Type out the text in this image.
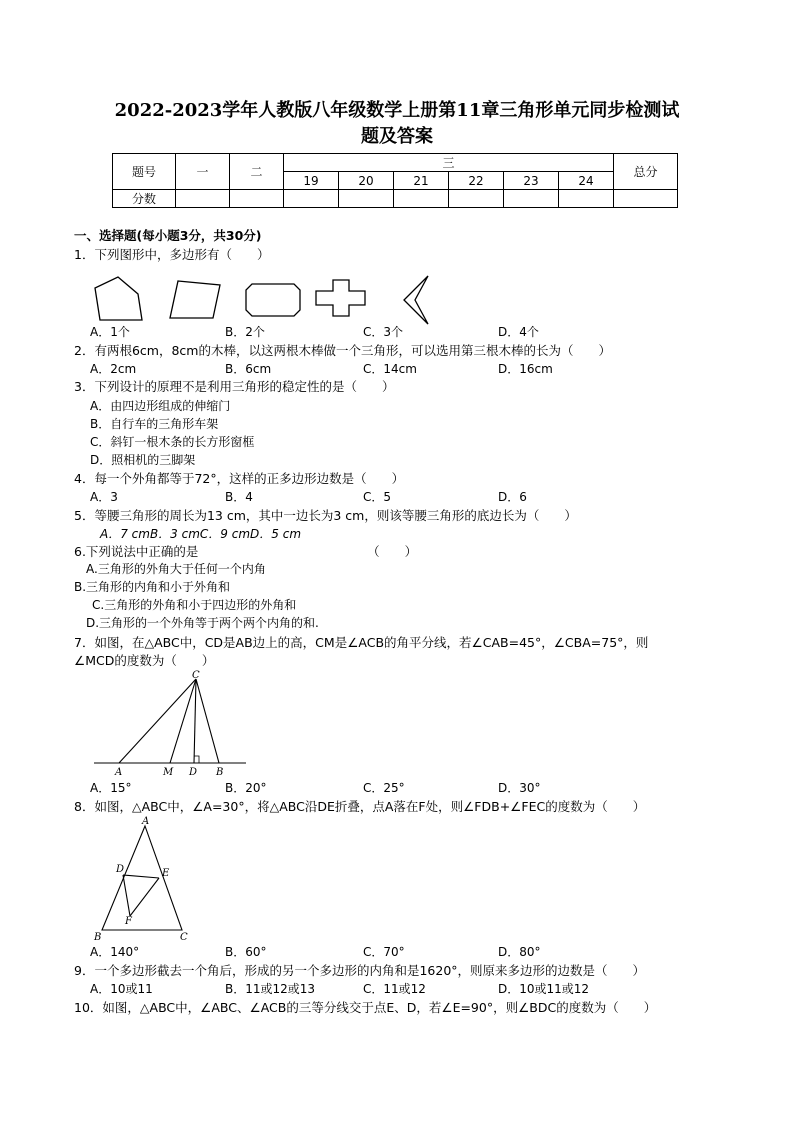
2022-2023学年人教版八年级数学上册第11章三角形单元同步检测试
题及答案
题号	一	二	三						总分
			19	20	21	22	23	24	
分数									
一、选择题(每小题3分，共30分)
1．下列图形中，多边形有（　　）
A．1个	B．2个	C．3个	D．4个
2．有两根6cm，8cm的木棒，以这两根木棒做一个三角形，可以选用第三根木棒的长为（　　）
A．2cm	B．6cm	C．14cm	D．16cm
3．下列设计的原理不是利用三角形的稳定性的是（　　）
A．由四边形组成的伸缩门
B．自行车的三角形车架
C．斜钉一根木条的长方形窗框
D．照相机的三脚架
4．每一个外角都等于72°，这样的正多边形边数是（　　）
A．3	B．4	C．5	D．6
5．等腰三角形的周长为13 cm，其中一边长为3 cm，则该等腰三角形的底边长为（　　）
A．7 cmB．3 cmC．9 cmD．5 cm
6.下列说法中正确的是　　　　　　　　　　　　　　（　　）
A.三角形的外角大于任何一个内角
B.三角形的内角和小于外角和
C.三角形的外角和小于四边形的外角和
D.三角形的一个外角等于两个两个内角的和.
7．如图，在△ABC中，CD是AB边上的高，CM是∠ACB的角平分线，若∠CAB=45°，∠CBA=75°，则
∠MCD的度数为（　　）
C
A	M D B
A．15°	B．20°	C．25°	D．30°
8．如图，△ABC中，∠A=30°，将△ABC沿DE折叠，点A落在F处，则∠FDB+∠FEC的度数为（　　）
A
D	E
F
B	C
A．140°	B．60°	C．70°	D．80°
9．一个多边形截去一个角后，形成的另一个多边形的内角和是1620°，则原来多边形的边数是（　　）
A．10或11	B．11或12或13	C．11或12	D．10或11或12
10．如图，△ABC中，∠ABC、∠ACB的三等分线交于点E、D，若∠E=90°，则∠BDC的度数为（　　）
